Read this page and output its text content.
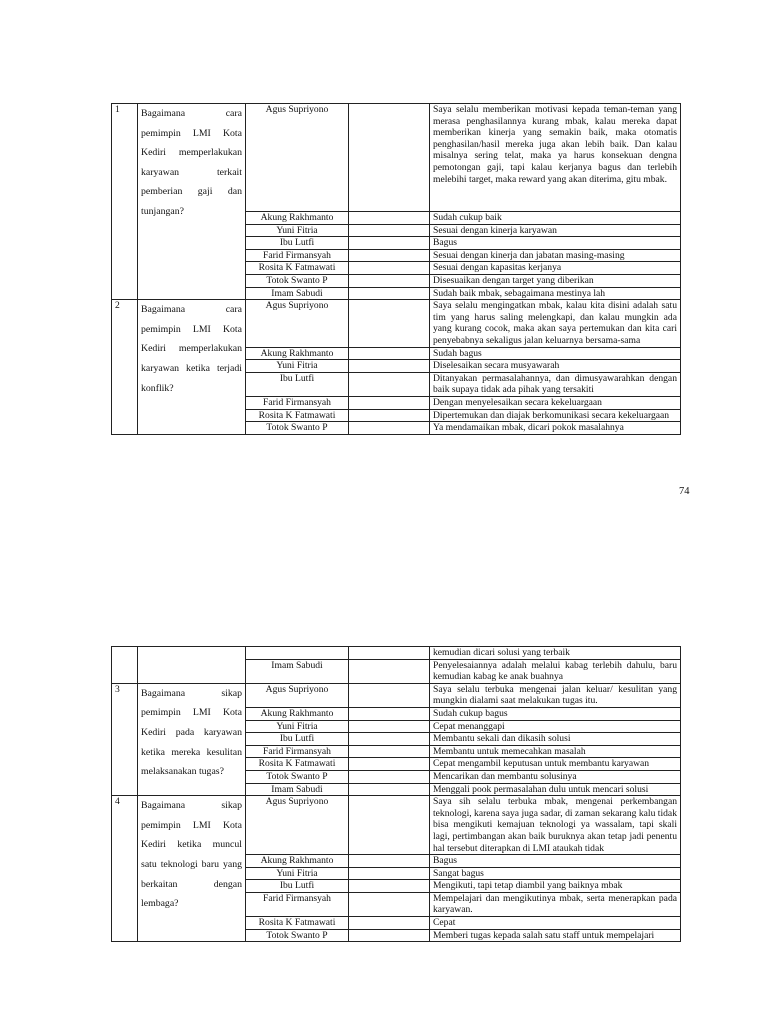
1	Bagaimana cara pemimpin LMI Kota Kediri memperlakukan karyawan terkait pemberian gaji dan tunjangan?	Agus Supriyono		Saya selalu memberikan motivasi kepada teman-teman yang merasa penghasilannya kurang mbak, kalau mereka dapat memberikan kinerja yang semakin baik, maka otomatis penghasilan/hasil mereka juga akan lebih baik. Dan kalau misalnya sering telat, maka ya harus konsekuan dengna pemotongan gaji, tapi kalau kerjanya bagus dan terlebih melebihi target, maka reward yang akan diterima, gitu mbak.
		Akung Rakhmanto		Sudah cukup baik
		Yuni Fitria		Sesuai dengan kinerja karyawan
		Ibu Lutfi		Bagus
		Farid Firmansyah		Sesuai dengan kinerja dan jabatan masing-masing
		Rosita K Fatmawati		Sesuai dengan kapasitas kerjanya
		Totok Swanto P		Disesuaikan dengan target yang diberikan
		Imam Sabudi		Sudah baik mbak, sebagaimana mestinya lah
2	Bagaimana cara pemimpin LMI Kota Kediri memperlakukan karyawan ketika terjadi konflik?	Agus Supriyono		Saya selalu mengingatkan mbak, kalau kita disini adalah satu tim yang harus saling melengkapi, dan kalau mungkin ada yang kurang cocok, maka akan saya pertemukan dan kita cari penyebabnya sekaligus jalan keluarnya bersama-sama
		Akung Rakhmanto		Sudah bagus
		Yuni Fitria		Diselesaikan secara musyawarah
		Ibu Lutfi		Ditanyakan permasalahannya, dan dimusyawarahkan dengan baik supaya tidak ada pihak yang tersakiti
		Farid Firmansyah		Dengan menyelesaikan secara kekeluargaan
		Rosita K Fatmawati		Dipertemukan dan diajak berkomunikasi secara kekeluargaan
		Totok Swanto P		Ya mendamaikan mbak, dicari pokok masalahnya
74
				kemudian dicari solusi yang terbaik
		Imam Sabudi		Penyelesaiannya adalah melalui kabag terlebih dahulu, baru kemudian kabag ke anak buahnya
3	Bagaimana sikap pemimpin LMI Kota Kediri pada karyawan ketika mereka kesulitan melaksanakan tugas?	Agus Supriyono		Saya selalu terbuka mengenai jalan keluar/ kesulitan yang mungkin dialami saat melakukan tugas itu.
		Akung Rakhmanto		Sudah cukup bagus
		Yuni Fitria		Cepat menanggapi
		Ibu Lutfi		Membantu sekali dan dikasih solusi
		Farid Firmansyah		Membantu untuk memecahkan masalah
		Rosita K Fatmawati		Cepat mengambil keputusan untuk membantu karyawan
		Totok Swanto P		Mencarikan dan membantu solusinya
		Imam Sabudi		Menggali pook permasalahan dulu untuk mencari solusi
4	Bagaimana sikap pemimpin LMI Kota Kediri ketika muncul satu teknologi baru yang berkaitan dengan lembaga?	Agus Supriyono		Saya sih selalu terbuka mbak, mengenai perkembangan teknologi, karena saya juga sadar, di zaman sekarang kalu tidak bisa mengikuti kemajuan teknologi ya wassalam, tapi skali lagi, pertimbangan akan baik buruknya akan tetap jadi penentu hal tersebut diterapkan di LMI ataukah tidak
		Akung Rakhmanto		Bagus
		Yuni Fitria		Sangat bagus
		Ibu Lutfi		Mengikuti, tapi tetap diambil yang baiknya mbak
		Farid Firmansyah		Mempelajari dan mengikutinya mbak, serta menerapkan pada karyawan.
		Rosita K Fatmawati		Cepat
		Totok Swanto P		Memberi tugas kepada salah satu staff untuk mempelajari
